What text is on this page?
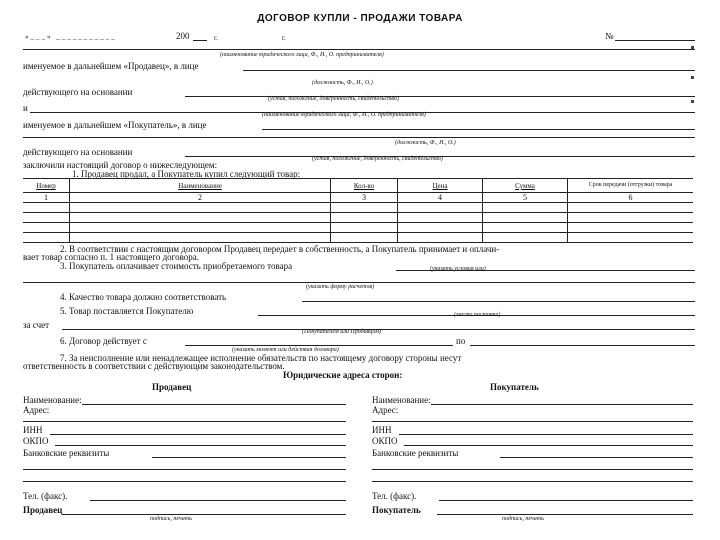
ДОГОВОР КУПЛИ - ПРОДАЖИ ТОВАРА
«___» ___________	200	г.	г.	№
(наименование юридического лица, Ф., И., О. предпринимателя)
именуемое в дальнейшем «Продавец», в лице
(должность, Ф., И., О.)
действующего на основании
(устав, положение, доверенность, свидетельство)
и
(наименование юридического лица, Ф., И., О. предпринимателя)
именуемое в дальнейшем «Покупатель», в лице
(должность, Ф., И., О.)
действующего на основании
(устав, положение, доверенность, свидетельство)
заключили настоящий договор о нижеследующем:
1. Продавец продал, а Покупатель купил следующий товар:
Номер	Наименование	Кол-во	Цена	Сумма	Срок передачи (отгрузки) товара
1	2	3	4	5	6

2. В соответствии с настоящим договором Продавец передает в собственность, а Покупатель принимает и оплачи-
вает товар согласно п. 1 настоящего договора.
3. Покупатель оплачивает стоимость приобретаемого товара	(указать условия или)
(указать форму расчетов)
4. Качество товара должно соответствовать
5. Товар поставляется Покупателю	(место поставки)
за счет
(Покупателем или Продавцом)
6. Договор действует с	по
(указать момент или действия договора)
7. За неисполнение или ненадлежащее исполнение обязательств по настоящему договору стороны несут
ответственность в соответствии с действующим законодательством.
Юридические адреса сторон:
Продавец
Наименование:
Адрес:
ИНН
ОКПО
Банковские реквизиты
Тел. (факс).
Продавец
подпись, печать
Покупатель
Наименование:
Адрес:
ИНН
ОКПО
Банковские реквизиты
Тел. (факс).
Покупатель
подпись, печать
